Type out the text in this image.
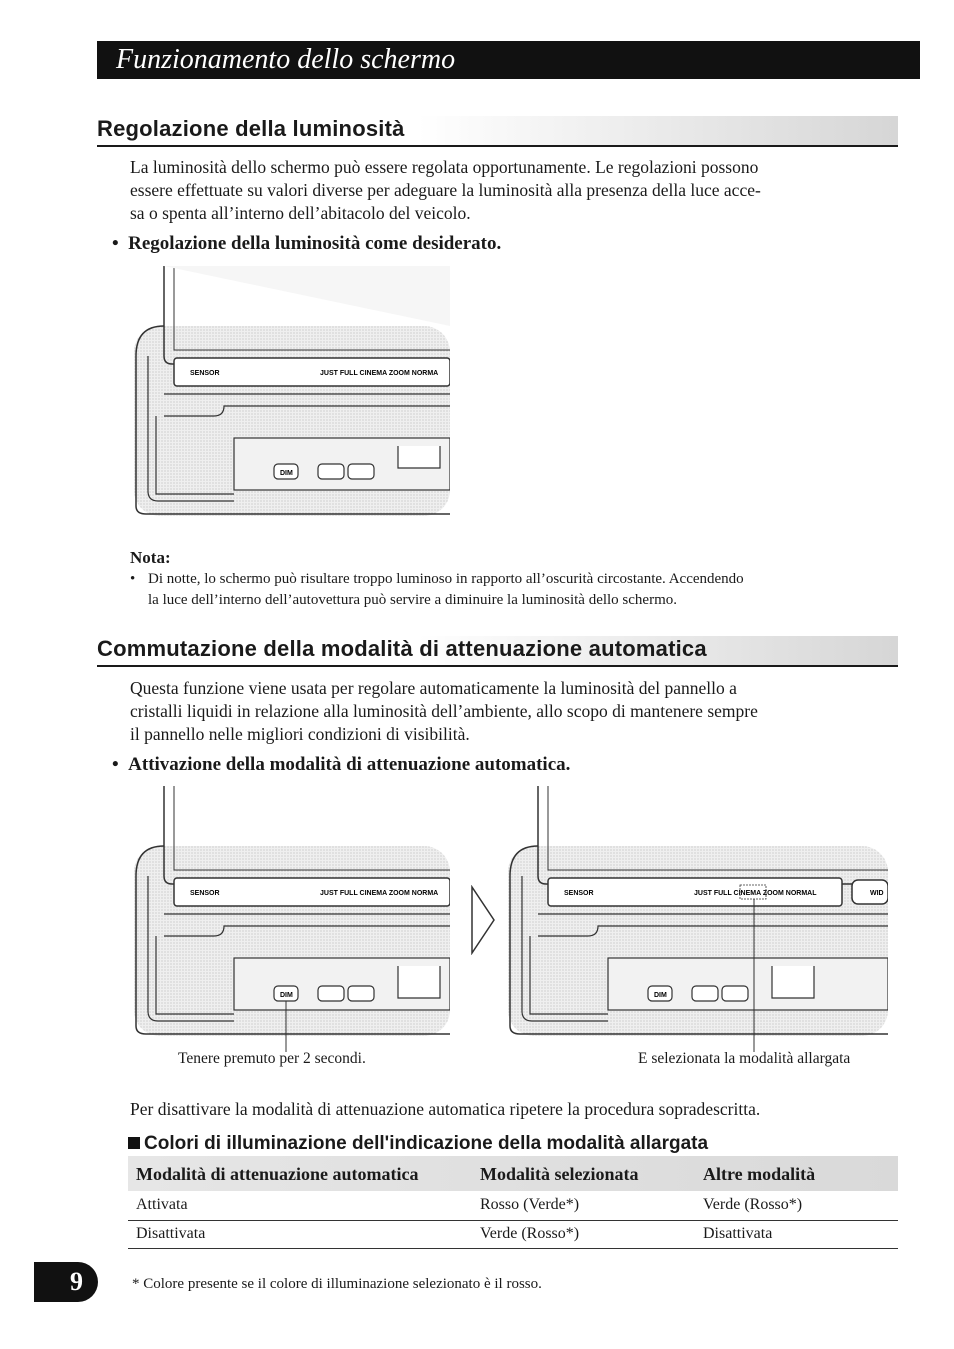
Funzionamento dello schermo
Regolazione della luminosità
La luminosità dello schermo può essere regolata opportunamente. Le regolazioni possono
essere effettuate su valori diverse per adeguare la luminosità alla presenza della luce acce-
sa o spenta all’interno dell’abitacolo del veicolo.
•  Regolazione della luminosità come desiderato.
SENSOR	JUST FULL CINEMA ZOOM NORMA
DIM
Nota:
• Di notte, lo schermo può risultare troppo luminoso in rapporto all’oscurità circostante. Accendendo
la luce dell’interno dell’autovettura può servire a diminuire la luminosità dello schermo.
Commutazione della modalità di attenuazione automatica
Questa funzione viene usata per regolare automaticamente la luminosità del pannello a
cristalli liquidi in relazione alla luminosità dell’ambiente, allo scopo di mantenere sempre
il pannello nelle migliori condizioni di visibilità.
•  Attivazione della modalità di attenuazione automatica.
SENSOR	JUST FULL CINEMA ZOOM NORMA
DIM
SENSOR	JUST FULL CINEMA ZOOM NORMAL	WID
DIM
Tenere premuto per 2 secondi.	E selezionata la modalità allargata
Per disattivare la modalità di attenuazione automatica ripetere la procedura sopradescritta.
Colori di illuminazione dell'indicazione della modalità allargata
Modalità di attenuazione automatica	Modalità selezionata	Altre modalità
Attivata	Rosso (Verde*)	Verde (Rosso*)
Disattivata	Verde (Rosso*)	Disattivata
9	* Colore presente se il colore di illuminazione selezionato è il rosso.
